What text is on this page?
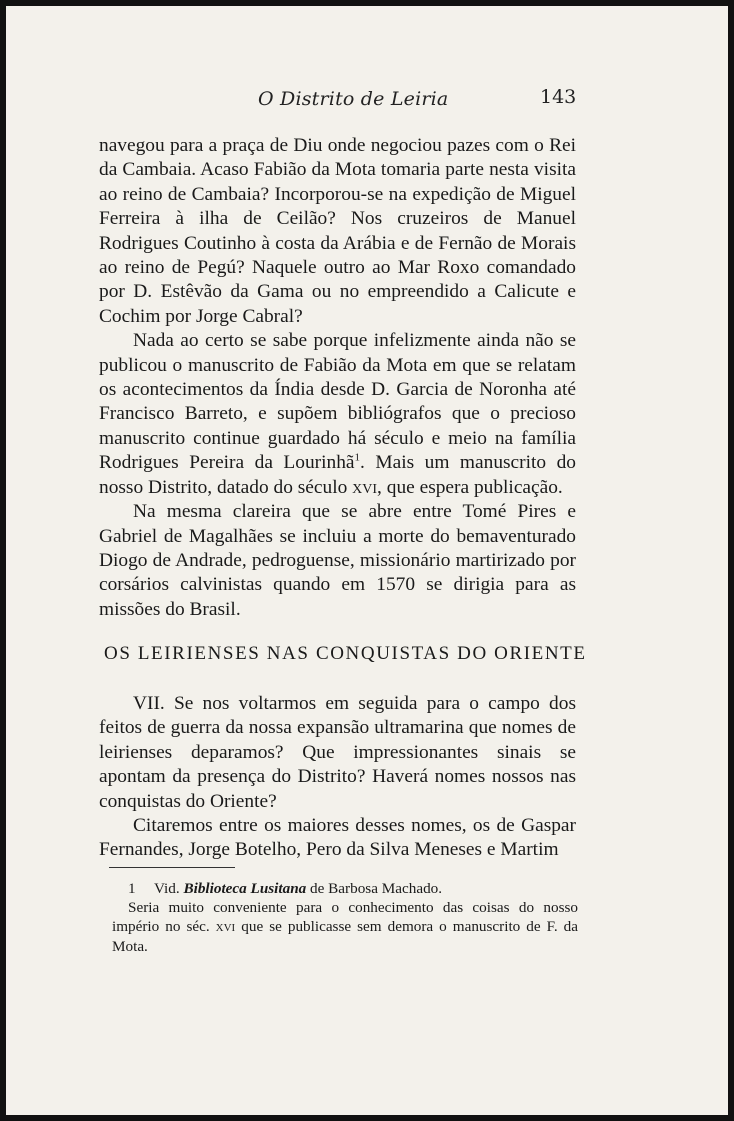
O Distrito de Leiria	143

navegou para a praça de Diu onde negociou pazes com o Rei da Cambaia. Acaso Fabião da Mota tomaria parte nesta visita ao reino de Cambaia? Incorporou-se na expedição de Miguel Ferreira à ilha de Ceilão? Nos cruzeiros de Manuel Rodrigues Coutinho à costa da Arábia e de Fernão de Morais ao reino de Pegú? Naquele outro ao Mar Roxo comandado por D. Estêvão da Gama ou no empreendido a Calicute e Cochim por Jorge Cabral?

Nada ao certo se sabe porque infelizmente ainda não se publicou o manuscrito de Fabião da Mota em que se relatam os acontecimentos da Índia desde D. Garcia de Noronha até Francisco Barreto, e supõem bibliógrafos que o precioso manuscrito continue guardado há século e meio na família Rodrigues Pereira da Lourinhã$^1$. Mais um manuscrito do nosso Distrito, datado do século xvi, que espera publicação.

Na mesma clareira que se abre entre Tomé Pires e Gabriel de Magalhães se incluiu a morte do bemaventurado Diogo de Andrade, pedroguense, missionário martirizado por corsários calvinistas quando em 1570 se dirigia para as missões do Brasil.

OS LEIRIENSES NAS CONQUISTAS DO ORIENTE

VII. Se nos voltarmos em seguida para o campo dos feitos de guerra da nossa expansão ultramarina que nomes de leirienses deparamos? Que impressionantes sinais se apontam da presença do Distrito? Haverá nomes nossos nas conquistas do Oriente?

Citaremos entre os maiores desses nomes, os de Gaspar Fernandes, Jorge Botelho, Pero da Silva Meneses e Martim

1 Vid. Biblioteca Lusitana de Barbosa Machado.

Seria muito conveniente para o conhecimento das coisas do nosso império no séc. xvi que se publicasse sem demora o manuscrito de F. da Mota.
